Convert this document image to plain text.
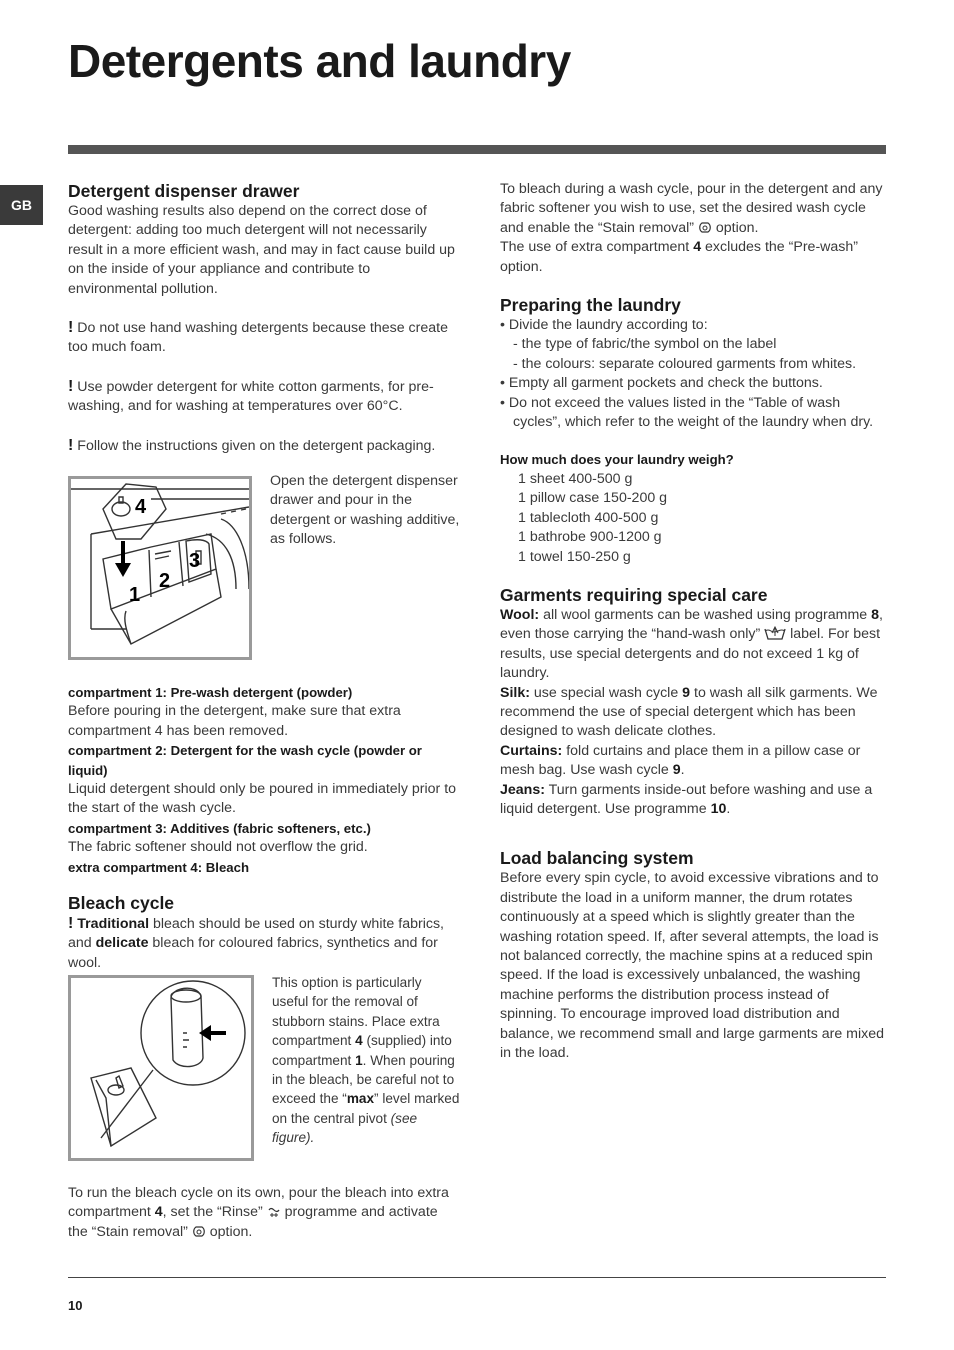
Detergents and laundry
GB
Detergent dispenser drawer

Good washing results also depend on the correct dose of detergent: adding too much detergent will not necessarily result in a more efficient wash, and may in fact cause build up on the inside of your appliance and contribute to environmental pollution.

! Do not use hand washing detergents because these create too much foam.

! Use powder detergent for white cotton garments, for pre-washing, and for washing at temperatures over 60°C.

! Follow the instructions given on the detergent packaging.

4
3
2
1

Open the detergent dispenser drawer and pour in the detergent or washing additive, as follows.

compartment 1: Pre-wash detergent (powder)

Before pouring in the detergent, make sure that extra compartment 4 has been removed.

compartment 2: Detergent for the wash cycle (powder or liquid)

Liquid detergent should only be poured in immediately prior to the start of the wash cycle.

compartment 3: Additives (fabric softeners, etc.)

The fabric softener should not overflow the grid.

extra compartment 4: Bleach

Bleach cycle

! Traditional bleach should be used on sturdy white fabrics, and delicate bleach for coloured fabrics, synthetics and for wool.

This option is particularly useful for the removal of stubborn stains. Place extra compartment 4 (supplied) into compartment 1. When pouring in the bleach, be careful not to exceed the “max” level marked on the central pivot (see figure).

To run the bleach cycle on its own, pour the bleach into extra compartment 4, set the “Rinse”  programme and activate the “Stain removal”  option.

To bleach during a wash cycle, pour in the detergent and any fabric softener you wish to use, set the desired wash cycle and enable the “Stain removal”  option.

The use of extra compartment 4 excludes the “Pre-wash” option.

Preparing the laundry

• Divide the laundry according to:

- the type of fabric/the symbol on the label

- the colours: separate coloured garments from whites.

• Empty all garment pockets and check the buttons.

• Do not exceed the values listed in the “Table of wash cycles”, which refer to the weight of the laundry when dry.

How much does your laundry weigh?

1 sheet 400-500 g

1 pillow case 150-200 g

1 tablecloth 400-500 g

1 bathrobe 900-1200 g

1 towel 150-250 g

Garments requiring special care

Wool: all wool garments can be washed using programme 8, even those carrying the “hand-wash only”  label. For best results, use special detergents and do not exceed 1 kg of laundry.

Silk: use special wash cycle 9 to wash all silk garments. We recommend the use of special detergent which has been designed to wash delicate clothes.

Curtains: fold curtains and place them in a pillow case or mesh bag. Use wash cycle 9.

Jeans: Turn garments inside-out before washing and use a liquid detergent. Use programme 10.

Load balancing system

Before every spin cycle, to avoid excessive vibrations and to distribute the load in a uniform manner, the drum rotates continuously at a speed which is slightly greater than the washing rotation speed. If, after several attempts, the load is not balanced correctly, the machine spins at a reduced spin speed. If the load is excessively unbalanced, the washing machine performs the distribution process instead of spinning. To encourage improved load distribution and balance, we recommend small and large garments are mixed in the load.

10
